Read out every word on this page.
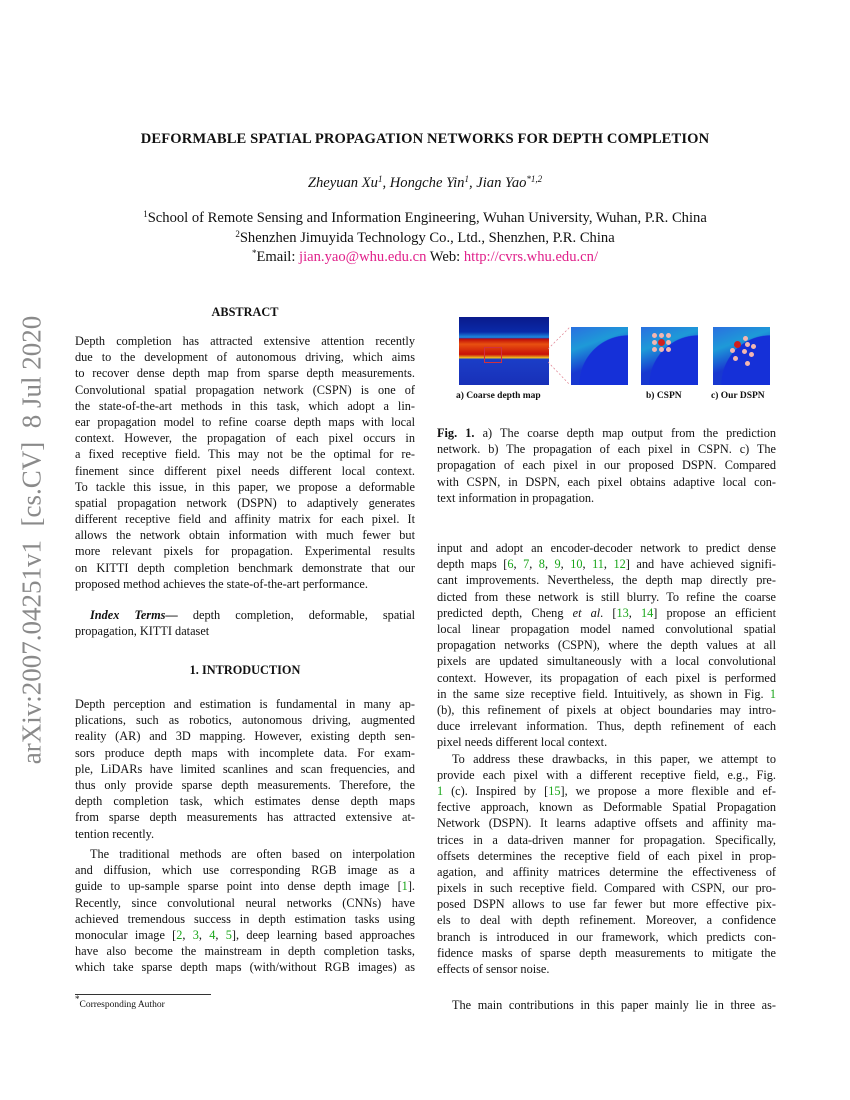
arXiv:2007.04251v1  [cs.CV]  8 Jul 2020
DEFORMABLE SPATIAL PROPAGATION NETWORKS FOR DEPTH COMPLETION
Zheyuan Xu$^1$, Hongche Yin$^1$, Jian Yao$^{*1,2}$
$^1$School of Remote Sensing and Information Engineering, Wuhan University, Wuhan, P.R. China
$^2$Shenzhen Jimuyida Technology Co., Ltd., Shenzhen, P.R. China
*Email: jian.yao@whu.edu.cn Web: http://cvrs.whu.edu.cn/
ABSTRACT
Depth completion has attracted extensive attention recently
due to the development of autonomous driving, which aims
to recover dense depth map from sparse depth measurements.
Convolutional spatial propagation network (CSPN) is one of
the state-of-the-art methods in this task, which adopt a lin-
ear propagation model to refine coarse depth maps with local
context. However, the propagation of each pixel occurs in
a fixed receptive field. This may not be the optimal for re-
finement since different pixel needs different local context.
To tackle this issue, in this paper, we propose a deformable
spatial propagation network (DSPN) to adaptively generates
different receptive field and affinity matrix for each pixel. It
allows the network obtain information with much fewer but
more relevant pixels for propagation. Experimental results
on KITTI depth completion benchmark demonstrate that our
proposed method achieves the state-of-the-art performance.
Index Terms— depth completion, deformable, spatial
propagation, KITTI dataset
1. INTRODUCTION
Depth perception and estimation is fundamental in many ap-
plications, such as robotics, autonomous driving, augmented
reality (AR) and 3D mapping. However, existing depth sen-
sors produce depth maps with incomplete data. For exam-
ple, LiDARs have limited scanlines and scan frequencies, and
thus only provide sparse depth measurements. Therefore, the
depth completion task, which estimates dense depth maps
from sparse depth measurements has attracted extensive at-
tention recently.
The traditional methods are often based on interpolation
and diffusion, which use corresponding RGB image as a
guide to up-sample sparse point into dense depth image [1].
Recently, since convolutional neural networks (CNNs) have
achieved tremendous success in depth estimation tasks using
monocular image [2, 3, 4, 5], deep learning based approaches
have also become the mainstream in depth completion tasks,
which take sparse depth maps (with/without RGB images) as
*Corresponding Author
a) Coarse depth map	b) CSPN	c) Our DSPN
Fig. 1. a) The coarse depth map output from the prediction
network. b) The propagation of each pixel in CSPN. c) The
propagation of each pixel in our proposed DSPN. Compared
with CSPN, in DSPN, each pixel obtains adaptive local con-
text information in propagation.
input and adopt an encoder-decoder network to predict dense
depth maps [6, 7, 8, 9, 10, 11, 12] and have achieved signifi-
cant improvements. Nevertheless, the depth map directly pre-
dicted from these network is still blurry. To refine the coarse
predicted depth, Cheng et al. [13, 14] propose an efficient
local linear propagation model named convolutional spatial
propagation networks (CSPN), where the depth values at all
pixels are updated simultaneously with a local convolutional
context. However, its propagation of each pixel is performed
in the same size receptive field. Intuitively, as shown in Fig. 1
(b), this refinement of pixels at object boundaries may intro-
duce irrelevant information. Thus, depth refinement of each
pixel needs different local context.
To address these drawbacks, in this paper, we attempt to
provide each pixel with a different receptive field, e.g., Fig.
1 (c). Inspired by [15], we propose a more flexible and ef-
fective approach, known as Deformable Spatial Propagation
Network (DSPN). It learns adaptive offsets and affinity ma-
trices in a data-driven manner for propagation. Specifically,
offsets determines the receptive field of each pixel in prop-
agation, and affinity matrices determine the effectiveness of
pixels in such receptive field. Compared with CSPN, our pro-
posed DSPN allows to use far fewer but more effective pix-
els to deal with depth refinement. Moreover, a confidence
branch is introduced in our framework, which predicts con-
fidence masks of sparse depth measurements to mitigate the
effects of sensor noise.
The main contributions in this paper mainly lie in three as-
